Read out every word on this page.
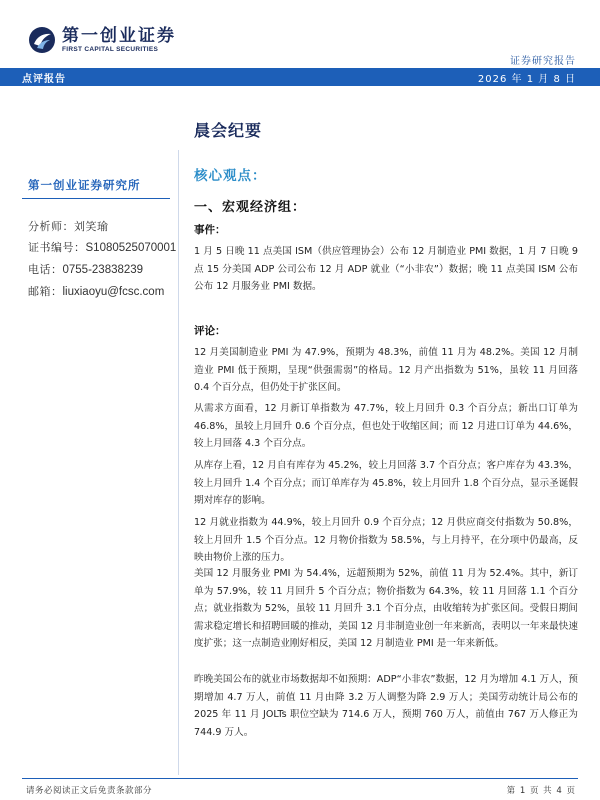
第一创业证券
FIRST CAPITAL SECURITIES
证券研究报告
点评报告	2026 年 1 月 8 日
第一创业证券研究所
分析师：刘笑瑜
证书编号：S1080525070001
电话：0755-23838239
邮箱：liuxiaoyu@fcsc.com
晨会纪要
核心观点：
一、宏观经济组：
事件：
1 月 5 日晚 11 点美国 ISM（供应管理协会）公布 12 月制造业 PMI 数据，1 月 7 日晚 9 点 15 分美国 ADP 公司公布 12 月 ADP 就业（“小非农”）数据；晚 11 点美国 ISM 公布公布 12 月服务业 PMI 数据。
评论：
12 月美国制造业 PMI 为 47.9%，预期为 48.3%，前值 11 月为 48.2%。美国 12 月制造业 PMI 低于预期，呈现“供强需弱”的格局。12 月产出指数为 51%，虽较 11 月回落 0.4 个百分点，但仍处于扩张区间。
从需求方面看，12 月新订单指数为 47.7%，较上月回升 0.3 个百分点；新出口订单为 46.8%，虽较上月回升 0.6 个百分点，但也处于收缩区间；而 12 月进口订单为 44.6%，较上月回落 4.3 个百分点。
从库存上看，12 月自有库存为 45.2%，较上月回落 3.7 个百分点；客户库存为 43.3%，较上月回升 1.4 个百分点；而订单库存为 45.8%，较上月回升 1.8 个百分点，显示圣诞假期对库存的影响。
12 月就业指数为 44.9%，较上月回升 0.9 个百分点；12 月供应商交付指数为 50.8%，较上月回升 1.5 个百分点。12 月物价指数为 58.5%，与上月持平，在分项中仍最高，反映由物价上涨的压力。
美国 12 月服务业 PMI 为 54.4%，远超预期为 52%，前值 11 月为 52.4%。其中，新订单为 57.9%，较 11 月回升 5 个百分点；物价指数为 64.3%，较 11 月回落 1.1 个百分点；就业指数为 52%，虽较 11 月回升 3.1 个百分点，由收缩转为扩张区间。受假日期间需求稳定增长和招聘回暖的推动，美国 12 月非制造业创一年来新高，表明以一年来最快速度扩张；这一点制造业刚好相反，美国 12 月制造业 PMI 是一年来新低。
昨晚美国公布的就业市场数据却不如预期：ADP“小非农”数据，12 月为增加 4.1 万人，预期增加 4.7 万人，前值 11 月由降 3.2 万人调整为降 2.9 万人；美国劳动统计局公布的 2025 年 11 月 JOLTs 职位空缺为 714.6 万人，预期 760 万人，前值由 767 万人修正为 744.9 万人。
请务必阅读正文后免责条款部分	第 1 页 共 4 页
